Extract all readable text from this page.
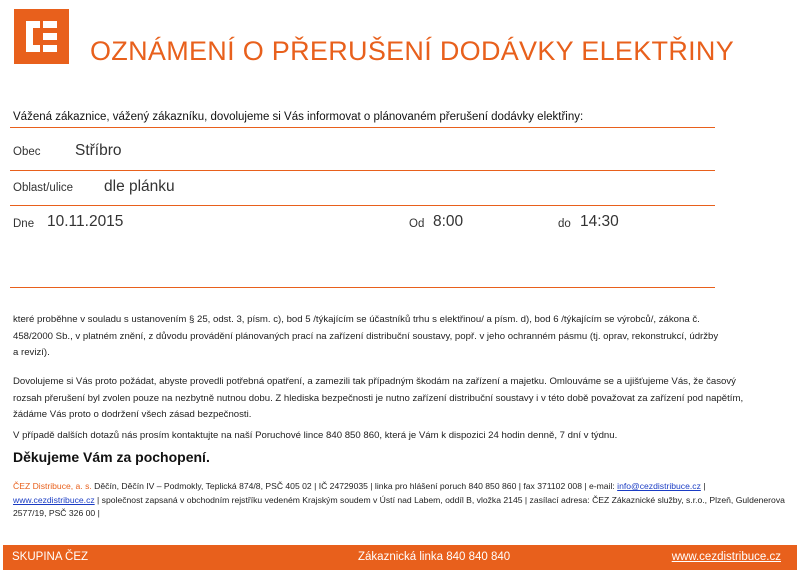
OZNÁMENÍ O PŘERUŠENÍ DODÁVKY ELEKTŘINY
Vážená zákaznice, vážený zákazníku, dovolujeme si Vás informovat o plánovaném přerušení dodávky elektřiny:
Obec Stříbro
Oblast/ulice dle plánku
Dne 10.11.2015	Od 8:00	do 14:30
které proběhne v souladu s ustanovením § 25, odst. 3, písm. c), bod 5 /týkajícím se účastníků trhu s elektřinou/ a písm. d), bod 6 /týkajícím se výrobců/, zákona č. 458/2000 Sb., v platném znění, z důvodu provádění plánovaných prací na zařízení distribuční soustavy, popř. v jeho ochranném pásmu (tj. oprav, rekonstrukcí, údržby a revizí).
Dovolujeme si Vás proto požádat, abyste provedli potřebná opatření, a zamezili tak případným škodám na zařízení a majetku. Omlouváme se a ujišťujeme Vás, že časový rozsah přerušení byl zvolen pouze na nezbytně nutnou dobu. Z hlediska bezpečnosti je nutno zařízení distribuční soustavy i v této době považovat za zařízení pod napětím, žádáme Vás proto o dodržení všech zásad bezpečnosti.
V případě dalších dotazů nás prosím kontaktujte na naší Poruchové lince 840 850 860, která je Vám k dispozici 24 hodin denně, 7 dní v týdnu.
Děkujeme Vám za pochopení.
ČEZ Distribuce, a. s. Děčín, Děčín IV – Podmokly, Teplická 874/8, PSČ 405 02 | IČ 24729035 | linka pro hlášení poruch 840 850 860 | fax 371102 008 | e-mail: info@cezdistribuce.cz |
www.cezdistribuce.cz | společnost zapsaná v obchodním rejstříku vedeném Krajským soudem v Ústí nad Labem, oddíl B, vložka 2145 | zasílací adresa: ČEZ Zákaznické služby, s.r.o., Plzeň, Guldenerova 2577/19, PSČ 326 00 |
SKUPINA ČEZ	Zákaznická linka 840 840 840	www.cezdistribuce.cz
